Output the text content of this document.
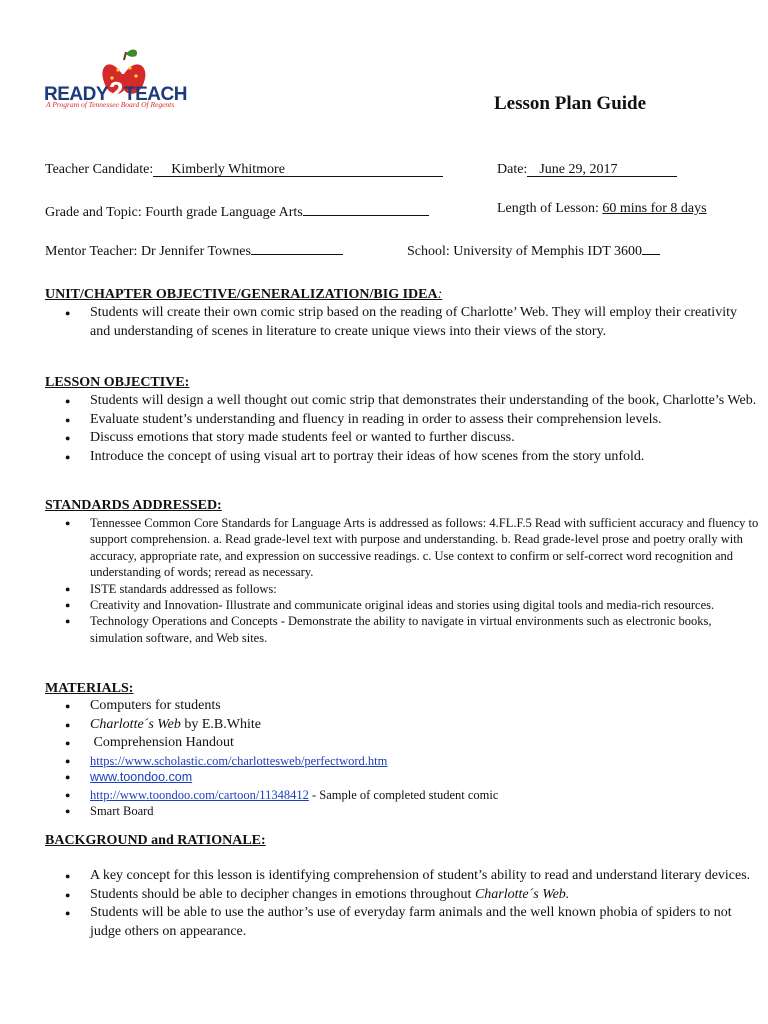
READY2TEACH
A Program of Tennessee Board Of Regents	Lesson Plan Guide
Teacher Candidate: Kimberly Whitmore	Date: June 29, 2017
Grade and Topic: Fourth grade Language Arts	Length of Lesson: 60 mins for 8 days
Mentor Teacher: Dr Jennifer Townes	School: University of Memphis IDT 3600
UNIT/CHAPTER OBJECTIVE/GENERALIZATION/BIG IDEA:
● Students will create their own comic strip based on the reading of Charlotte’ Web. They will employ their creativity and understanding of scenes in literature to create unique views into their views of the story.
LESSON OBJECTIVE:
● Students will design a well thought out comic strip that demonstrates their understanding of the book, Charlotte’s Web.
● Evaluate student’s understanding and fluency in reading in order to assess their comprehension levels.
● Discuss emotions that story made students feel or wanted to further discuss.
● Introduce the concept of using visual art to portray their ideas of how scenes from the story unfold.
STANDARDS ADDRESSED:
● Tennessee Common Core Standards for Language Arts is addressed as follows: 4.FL.F.5 Read with sufficient accuracy and fluency to support comprehension. a. Read grade-level text with purpose and understanding. b. Read grade-level prose and poetry orally with accuracy, appropriate rate, and expression on successive readings. c. Use context to confirm or self-correct word recognition and understanding of words; reread as necessary.
● ISTE standards addressed as follows:
● Creativity and Innovation- Illustrate and communicate original ideas and stories using digital tools and media-rich resources.
● Technology Operations and Concepts - Demonstrate the ability to navigate in virtual environments such as electronic books, simulation software, and Web sites.
MATERIALS:
● Computers for students
● Charlotte´s Web by E.B.White
●  Comprehension Handout
● https://www.scholastic.com/charlottesweb/perfectword.htm
● www.toondoo.com
● http://www.toondoo.com/cartoon/11348412 - Sample of completed student comic
● Smart Board
BACKGROUND and RATIONALE:
● A key concept for this lesson is identifying comprehension of student’s ability to read and understand literary devices.
● Students should be able to decipher changes in emotions throughout Charlotte´s Web.
● Students will be able to use the author’s use of everyday farm animals and the well known phobia of spiders to not judge others on appearance.
